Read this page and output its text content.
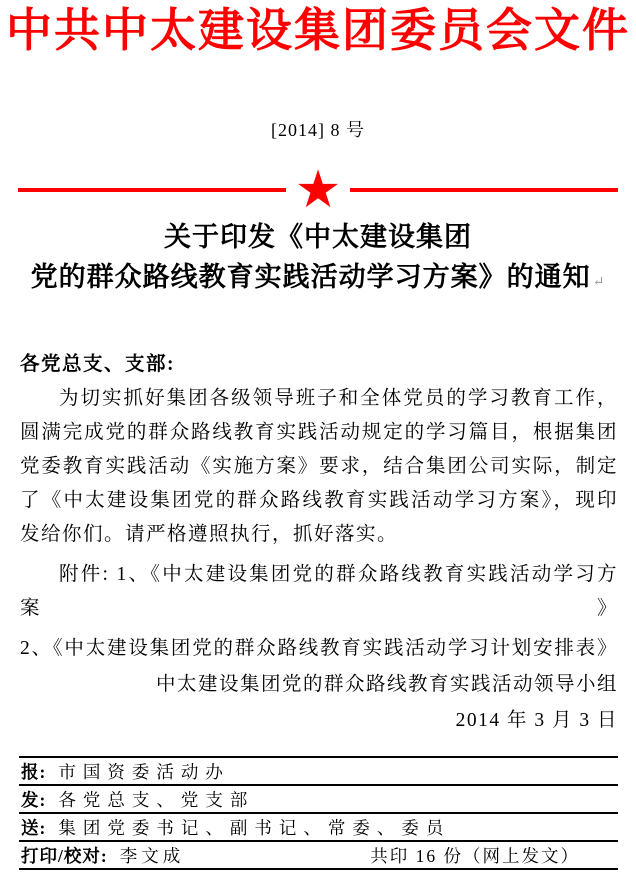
中共中太建设集团委员会文件
[2014] 8 号
★
关于印发《中太建设集团
党的群众路线教育实践活动学习方案》的通知 ↵
各党总支、支部:
为切实抓好集团各级领导班子和全体党员的学习教育工作，
圆满完成党的群众路线教育实践活动规定的学习篇目，根据集团
党委教育实践活动《实施方案》要求，结合集团公司实际，制定
了《中太建设集团党的群众路线教育实践活动学习方案》，现印
发给你们。请严格遵照执行，抓好落实。
附件: 1、《中太建设集团党的群众路线教育实践活动学习方案》
2、《中太建设集团党的群众路线教育实践活动学习计划安排表》
中太建设集团党的群众路线教育实践活动领导小组
2014 年 3 月 3 日
报: 市国资委活动办
发: 各党总支、党支部
送: 集团党委书记、副书记、常委、委员
打印/校对: 李文成	共印 16 份（网上发文）
